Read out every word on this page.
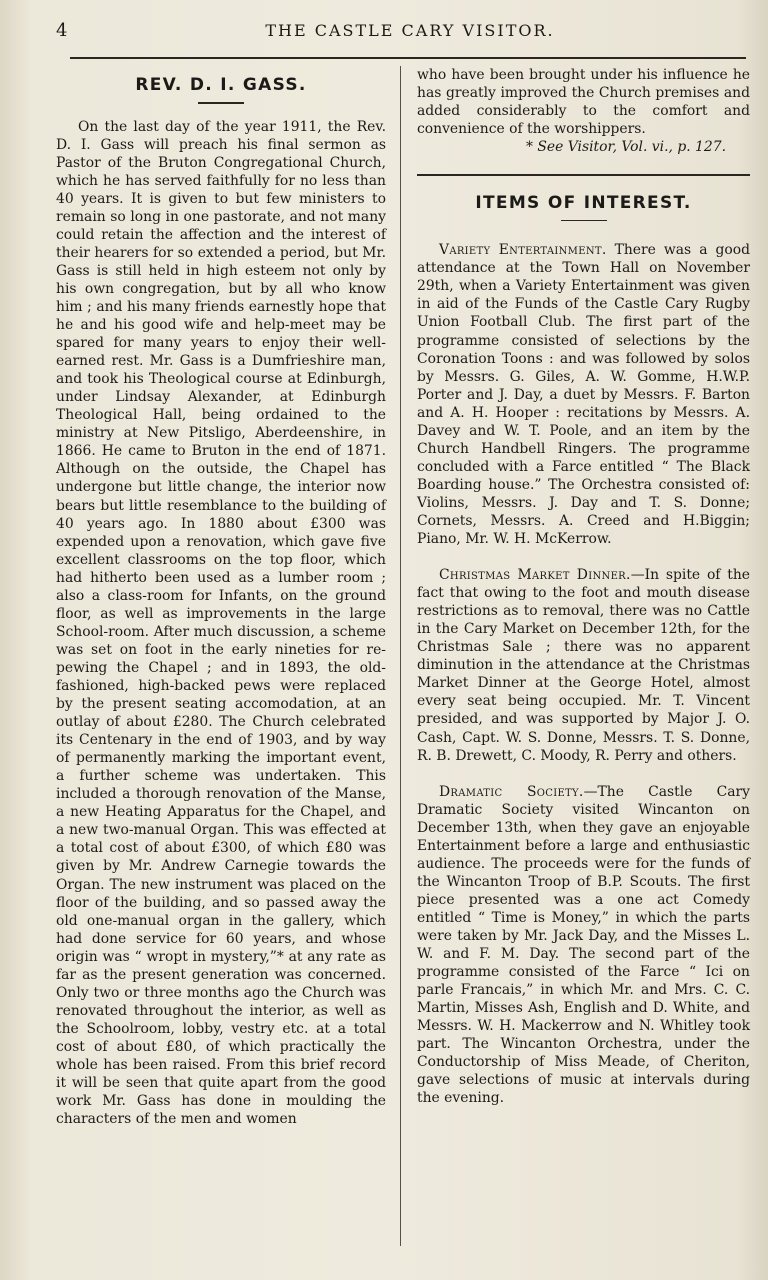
4	THE CASTLE CARY VISITOR.
REV. D. I. GASS.

On the last day of the year 1911, the Rev. D. I. Gass will preach his final sermon as Pastor of the Bruton Congregational Church, which he has served faithfully for no less than 40 years. It is given to but few ministers to remain so long in one pastorate, and not many could retain the affection and the interest of their hearers for so extended a period, but Mr. Gass is still held in high esteem not only by his own congregation, but by all who know him ; and his many friends earnestly hope that he and his good wife and help-meet may be spared for many years to enjoy their well-earned rest. Mr. Gass is a Dumfrieshire man, and took his Theological course at Edinburgh, under Lindsay Alexander, at Edinburgh Theological Hall, being ordained to the ministry at New Pitsligo, Aberdeenshire, in 1866. He came to Bruton in the end of 1871. Although on the outside, the Chapel has undergone but little change, the interior now bears but little resemblance to the building of 40 years ago. In 1880 about £300 was expended upon a renovation, which gave five excellent classrooms on the top floor, which had hitherto been used as a lumber room ; also a class-room for Infants, on the ground floor, as well as improvements in the large School-room. After much discussion, a scheme was set on foot in the early nineties for re-pewing the Chapel ; and in 1893, the old-fashioned, high-backed pews were replaced by the present seating accomodation, at an outlay of about £280. The Church celebrated its Centenary in the end of 1903, and by way of permanently marking the important event, a further scheme was undertaken. This included a thorough renovation of the Manse, a new Heating Apparatus for the Chapel, and a new two-manual Organ. This was effected at a total cost of about £300, of which £80 was given by Mr. Andrew Carnegie towards the Organ. The new instrument was placed on the floor of the building, and so passed away the old one-manual organ in the gallery, which had done service for 60 years, and whose origin was “ wropt in mystery,”* at any rate as far as the present generation was concerned. Only two or three months ago the Church was renovated throughout the interior, as well as the Schoolroom, lobby, vestry etc. at a total cost of about £80, of which practically the whole has been raised. From this brief record it will be seen that quite apart from the good work Mr. Gass has done in moulding the characters of the men and women

who have been brought under his influence he has greatly improved the Church premises and added considerably to the comfort and convenience of the worshippers.

* See Visitor, Vol. vi., p. 127.

ITEMS OF INTEREST.

Variety Entertainment. There was a good attendance at the Town Hall on November 29th, when a Variety Entertainment was given in aid of the Funds of the Castle Cary Rugby Union Football Club. The first part of the programme consisted of selections by the Coronation Toons : and was followed by solos by Messrs. G. Giles, A. W. Gomme, H.W.P. Porter and J. Day, a duet by Messrs. F. Barton and A. H. Hooper : recitations by Messrs. A. Davey and W. T. Poole, and an item by the Church Handbell Ringers. The programme concluded with a Farce entitled “ The Black Boarding house.” The Orchestra consisted of: Violins, Messrs. J. Day and T. S. Donne; Cornets, Messrs. A. Creed and H.Biggin; Piano, Mr. W. H. McKerrow.

Christmas Market Dinner.—In spite of the fact that owing to the foot and mouth disease restrictions as to removal, there was no Cattle in the Cary Market on December 12th, for the Christmas Sale ; there was no apparent diminution in the attendance at the Christmas Market Dinner at the George Hotel, almost every seat being occupied. Mr. T. Vincent presided, and was supported by Major J. O. Cash, Capt. W. S. Donne, Messrs. T. S. Donne, R. B. Drewett, C. Moody, R. Perry and others.

Dramatic Society.—The Castle Cary Dramatic Society visited Wincanton on December 13th, when they gave an enjoyable Entertainment before a large and enthusiastic audience. The proceeds were for the funds of the Wincanton Troop of B.P. Scouts. The first piece presented was a one act Comedy entitled “ Time is Money,” in which the parts were taken by Mr. Jack Day, and the Misses L. W. and F. M. Day. The second part of the programme consisted of the Farce “ Ici on parle Francais,” in which Mr. and Mrs. C. C. Martin, Misses Ash, English and D. White, and Messrs. W. H. Mackerrow and N. Whitley took part. The Wincanton Orchestra, under the Conductorship of Miss Meade, of Cheriton, gave selections of music at intervals during the evening.
